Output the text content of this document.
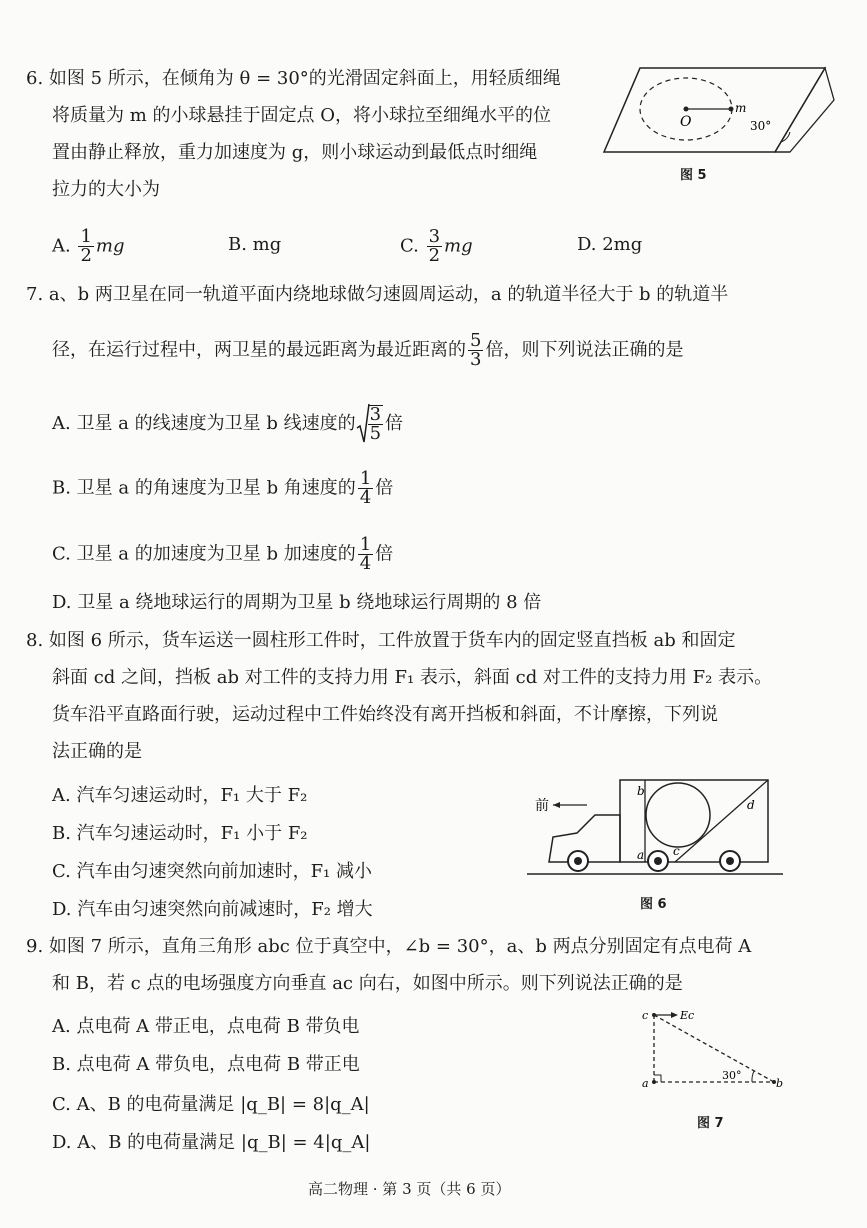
6. 如图 5 所示，在倾角为 θ = 30°的光滑固定斜面上，用轻质细绳
将质量为 m 的小球悬挂于固定点 O，将小球拉至细绳水平的位
置由静止释放，重力加速度为 g，则小球运动到最低点时细绳
拉力的大小为
A. $\frac{1}{2}$ mg	B. mg	C. $\frac{3}{2}$ mg	D. 2mg
O
m
30°
图 5
7. a、b 两卫星在同一轨道平面内绕地球做匀速圆周运动，a 的轨道半径大于 b 的轨道半
径，在运行过程中，两卫星的最远距离为最近距离的 $\frac{5}{3}$ 倍，则下列说法正确的是
A. 卫星 a 的线速度为卫星 b 线速度的 $\frac{3}{5}$ 倍
B. 卫星 a 的角速度为卫星 b 角速度的 $\frac{1}{4}$ 倍
C. 卫星 a 的加速度为卫星 b 加速度的 $\frac{1}{4}$ 倍
D. 卫星 a 绕地球运行的周期为卫星 b 绕地球运行周期的 8 倍
8. 如图 6 所示，货车运送一圆柱形工件时，工件放置于货车内的固定竖直挡板 ab 和固定
斜面 cd 之间，挡板 ab 对工件的支持力用 F₁ 表示，斜面 cd 对工件的支持力用 F₂ 表示。
货车沿平直路面行驶，运动过程中工件始终没有离开挡板和斜面，不计摩擦，下列说
法正确的是
A. 汽车匀速运动时，F₁ 大于 F₂
B. 汽车匀速运动时，F₁ 小于 F₂
C. 汽车由匀速突然向前加速时，F₁ 减小
D. 汽车由匀速突然向前减速时，F₂ 增大
前
b
a c
d
图 6
9. 如图 7 所示，直角三角形 abc 位于真空中，∠b = 30°，a、b 两点分别固定有点电荷 A
和 B，若 c 点的电场强度方向垂直 ac 向右，如图中所示。则下列说法正确的是
A. 点电荷 A 带正电，点电荷 B 带负电
B. 点电荷 A 带负电，点电荷 B 带正电
C. A、B 的电荷量满足 |q_B| = 8|q_A|
D. A、B 的电荷量满足 |q_B| = 4|q_A|
c	Eс
a	b
30°
图 7
高二物理 · 第 3 页（共 6 页）
